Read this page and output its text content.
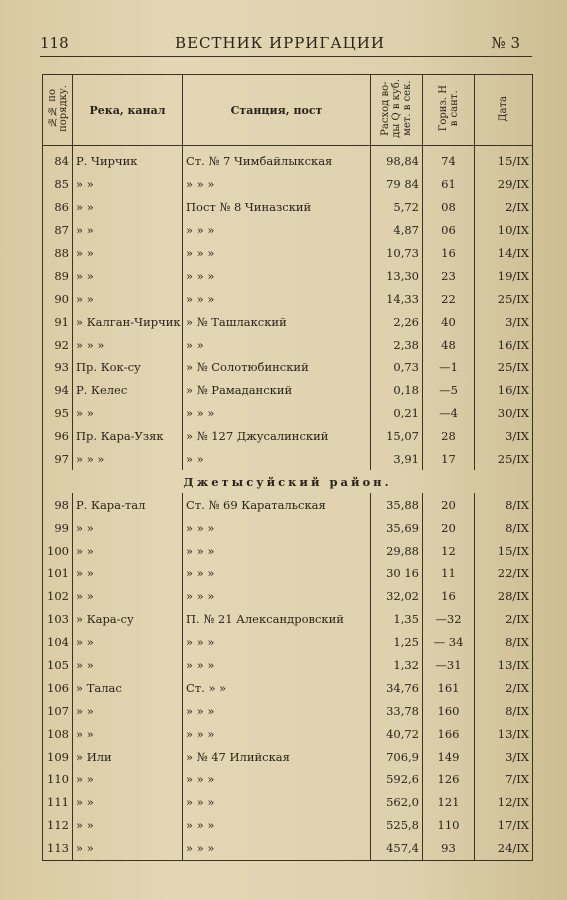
118	ВЕСТНИК ИРРИГАЦИИ	№ 3
№№ по
порядку.	Река, канал	Станция, пост	Расход во-
ды Q в куб.
мет. в сек.	Гориз. Н
в сант.	Дата
84	Р. Чирчик	Ст. № 7 Чимбайлыкская	98,84	74	15/IX
85	» »	» » »	79 84	61	29/IX
86	» »	Пост № 8 Чиназский	5,72	08	2/IX
87	» »	» » »	4,87	06	10/IX
88	» »	» » »	10,73	16	14/IX
89	» »	» » »	13,30	23	19/IX
90	» »	» » »	14,33	22	25/IX
91	» Калган-Чирчик	» № Ташлакский	2,26	40	3/IX
92	» » »	» »	2,38	48	16/IX
93	Пр. Кок-су	» № Солотюбинский	0,73	—1	25/IX
94	Р. Келес	» № Рамаданский	0,18	—5	16/IX
95	» »	» » »	0,21	—4	30/IX
96	Пр. Кара-Узяк	» № 127 Джусалинский	15,07	28	3/IX
97	» » »	» »	3,91	17	25/IX
Джетысуйский район.					
98	Р. Кара-тал	Ст. № 69 Каратальская	35,88	20	8/IX
99	» »	» » »	35,69	20	8/IX
100	» »	» » »	29,88	12	15/IX
101	» »	» » »	30 16	11	22/IX
102	» »	» » »	32,02	16	28/IX
103	» Кара-су	П. № 21 Александровский	1,35	—32	2/IX
104	» »	» » »	1,25	— 34	8/IX
105	» »	» » »	1,32	—31	13/IX
106	» Талас	Ст. » »	34,76	161	2/IX
107	» »	» » »	33,78	160	8/IX
108	» »	» » »	40,72	166	13/IX
109	» Или	» № 47 Илийская	706,9	149	3/IX
110	» »	» » »	592,6	126	7/IX
111	» »	» » »	562,0	121	12/IX
112	» »	» » »	525,8	110	17/IX
113	» »	» » »	457,4	93	24/IX
